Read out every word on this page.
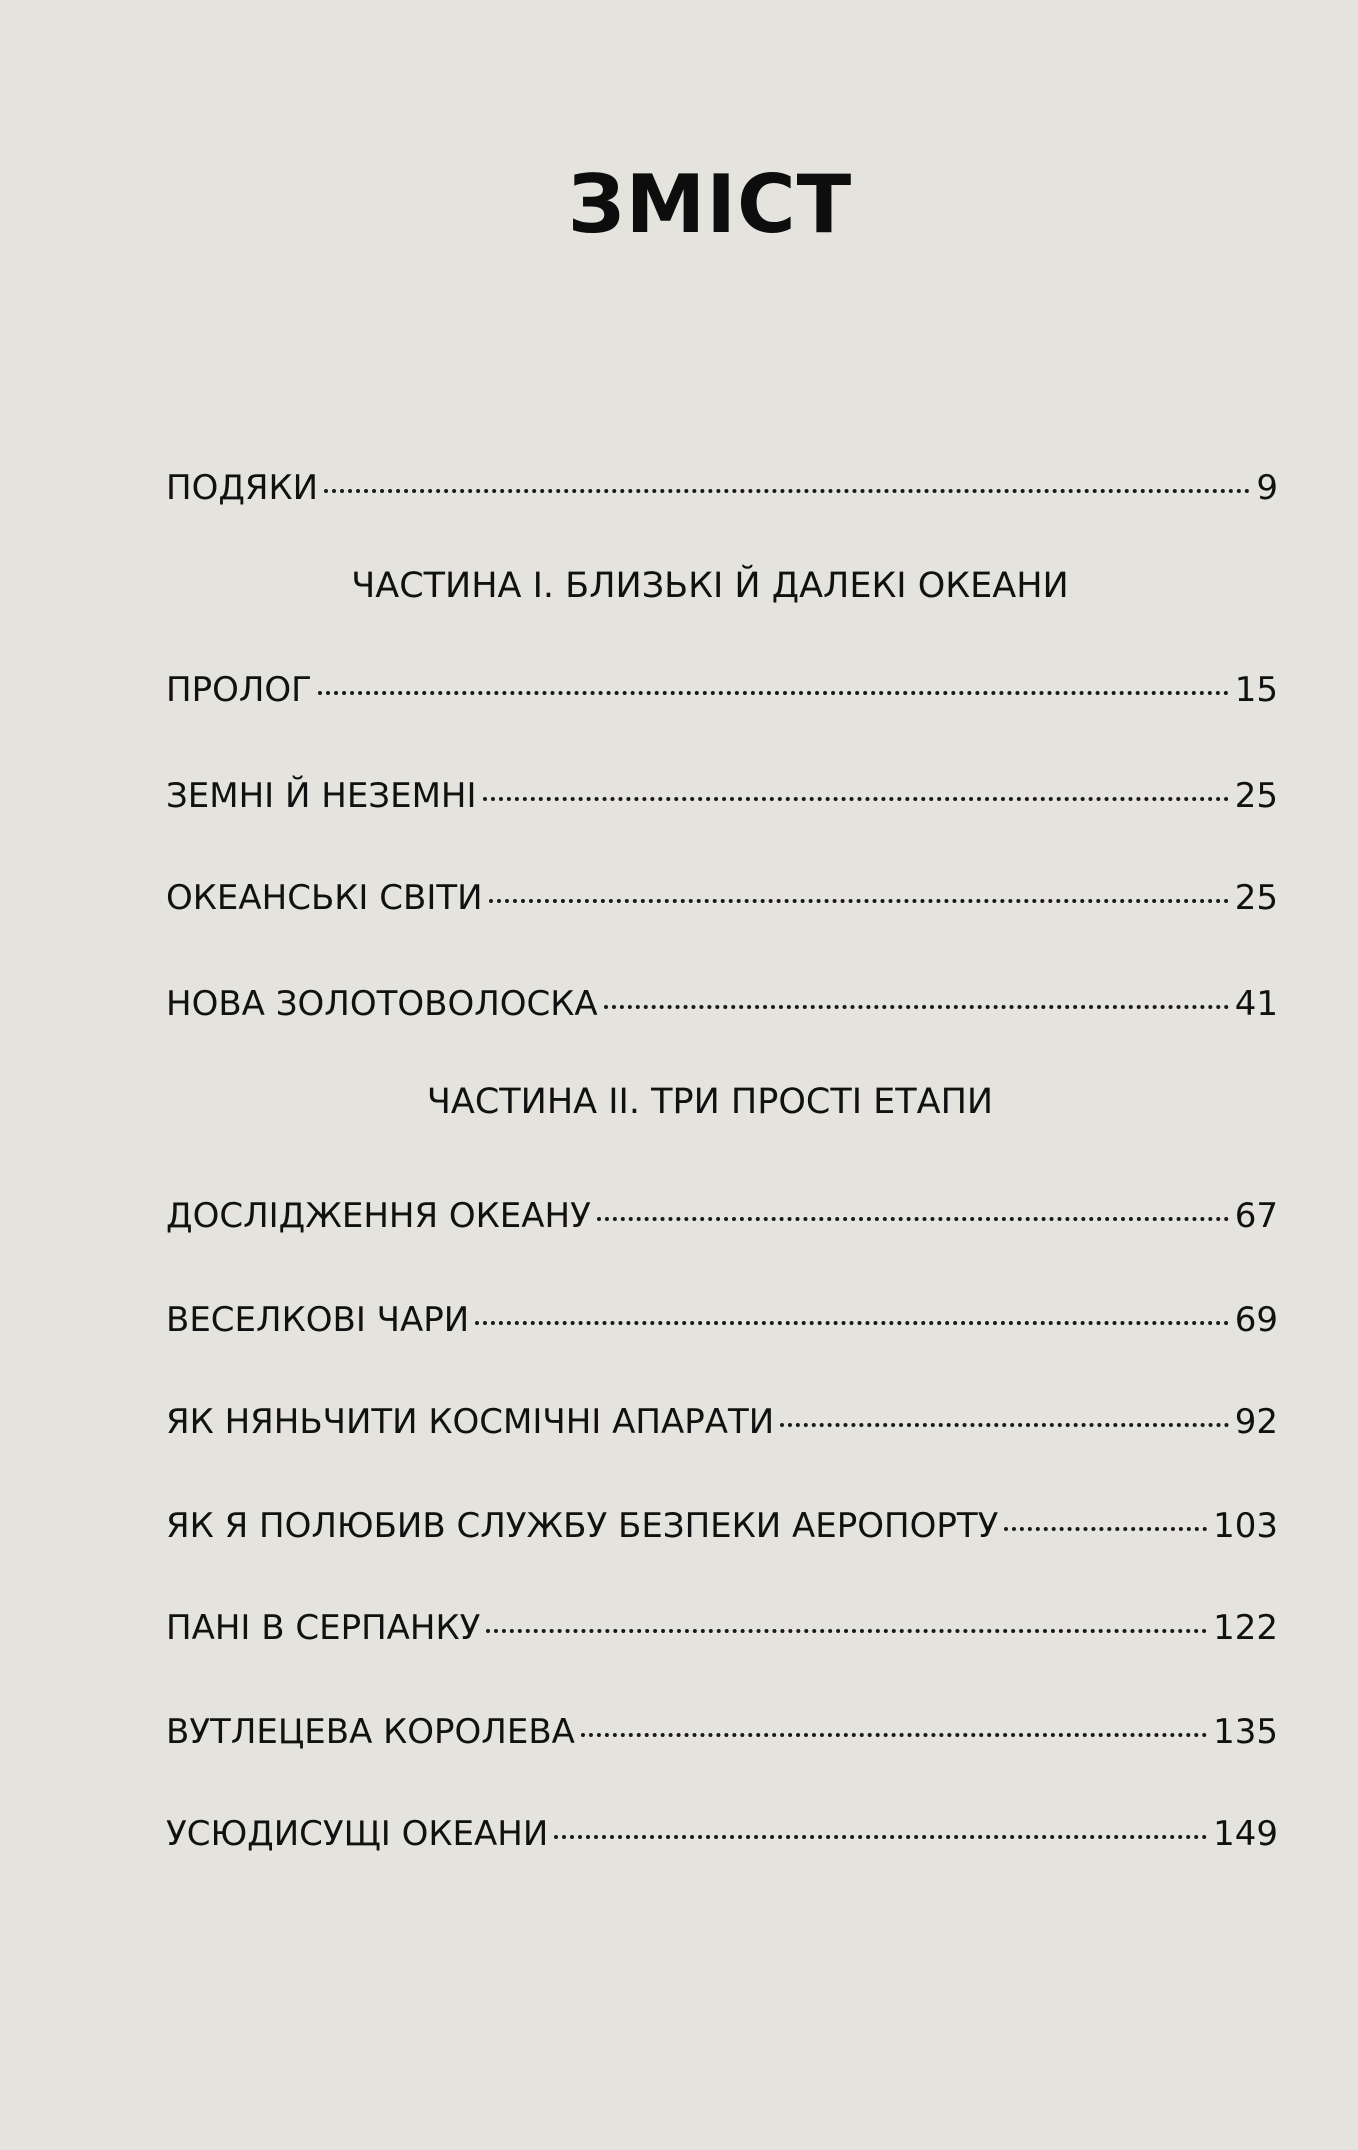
ЗМІСТ
ПОДЯКИ	9
ЧАСТИНА І. БЛИЗЬКІ Й ДАЛЕКІ ОКЕАНИ
ПРОЛОГ	15
ЗЕМНІ Й НЕЗЕМНІ	25
ОКЕАНСЬКІ СВІТИ	25
НОВА ЗОЛОТОВОЛОСКА	41
ЧАСТИНА ІІ. ТРИ ПРОСТІ ЕТАПИ
ДОСЛІДЖЕННЯ ОКЕАНУ	67
ВЕСЕЛКОВІ ЧАРИ	69
ЯК НЯНЬЧИТИ КОСМІЧНІ АПАРАТИ	92
ЯК Я ПОЛЮБИВ СЛУЖБУ БЕЗПЕКИ АЕРОПОРТУ	103
ПАНІ В СЕРПАНКУ	122
ВУТЛЕЦЕВА КОРОЛЕВА	135
УСЮДИСУЩІ ОКЕАНИ	149
